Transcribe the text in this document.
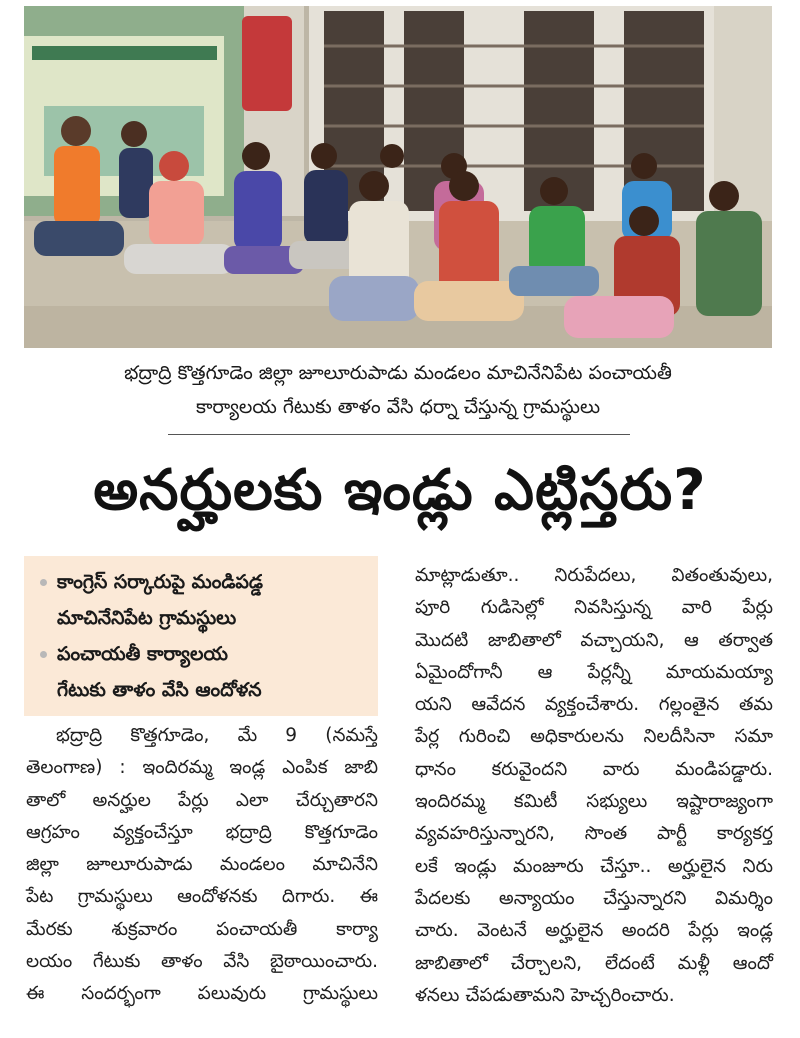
భద్రాద్రి కొత్తగూడెం జిల్లా జూలూరుపాడు మండలం మాచినేనిపేట పంచాయతీ
కార్యాలయ గేటుకు తాళం వేసి ధర్నా చేస్తున్న గ్రామస్థులు
అనర్హులకు ఇండ్లు ఎట్లిస్తరు?
కాంగ్రెస్ సర్కారుపై మండిపడ్డ
మాచినేనిపేట గ్రామస్థులు
పంచాయతీ కార్యాలయ
గేటుకు తాళం వేసి ఆందోళన
భద్రాద్రి కొత్తగూడెం, మే 9 (నమస్తే
తెలంగాణ) : ఇందిరమ్మ ఇండ్ల ఎంపిక జాబి
తాలో అనర్హుల పేర్లు ఎలా చేర్చుతారని
ఆగ్రహం వ్యక్తంచేస్తూ భద్రాద్రి కొత్తగూడెం
జిల్లా జూలూరుపాడు మండలం మాచినేని
పేట గ్రామస్థులు ఆందోళనకు దిగారు. ఈ
మేరకు శుక్రవారం పంచాయతీ కార్యా
లయం గేటుకు తాళం వేసి బైఠాయించారు.
ఈ సందర్భంగా పలువురు గ్రామస్థులు
మాట్లాడుతూ.. నిరుపేదలు, వితంతువులు,
పూరి గుడిసెల్లో నివసిస్తున్న వారి పేర్లు
మొదటి జాబితాలో వచ్చాయని, ఆ తర్వాత
ఏమైందోగానీ ఆ పేర్లన్నీ మాయమయ్యా
యని ఆవేదన వ్యక్తంచేశారు. గల్లంతైన తమ
పేర్ల గురించి అధికారులను నిలదీసినా సమా
ధానం కరువైందని వారు మండిపడ్డారు.
ఇందిరమ్మ కమిటీ సభ్యులు ఇష్టారాజ్యంగా
వ్యవహరిస్తున్నారని, సొంత పార్టీ కార్యకర్త
లకే ఇండ్లు మంజూరు చేస్తూ.. అర్హులైన నిరు
పేదలకు అన్యాయం చేస్తున్నారని విమర్శిం
చారు. వెంటనే అర్హులైన అందరి పేర్లు ఇండ్ల
జాబితాలో చేర్చాలని, లేదంటే మళ్లీ ఆందో
ళనలు చేపడుతామని హెచ్చరించారు.
